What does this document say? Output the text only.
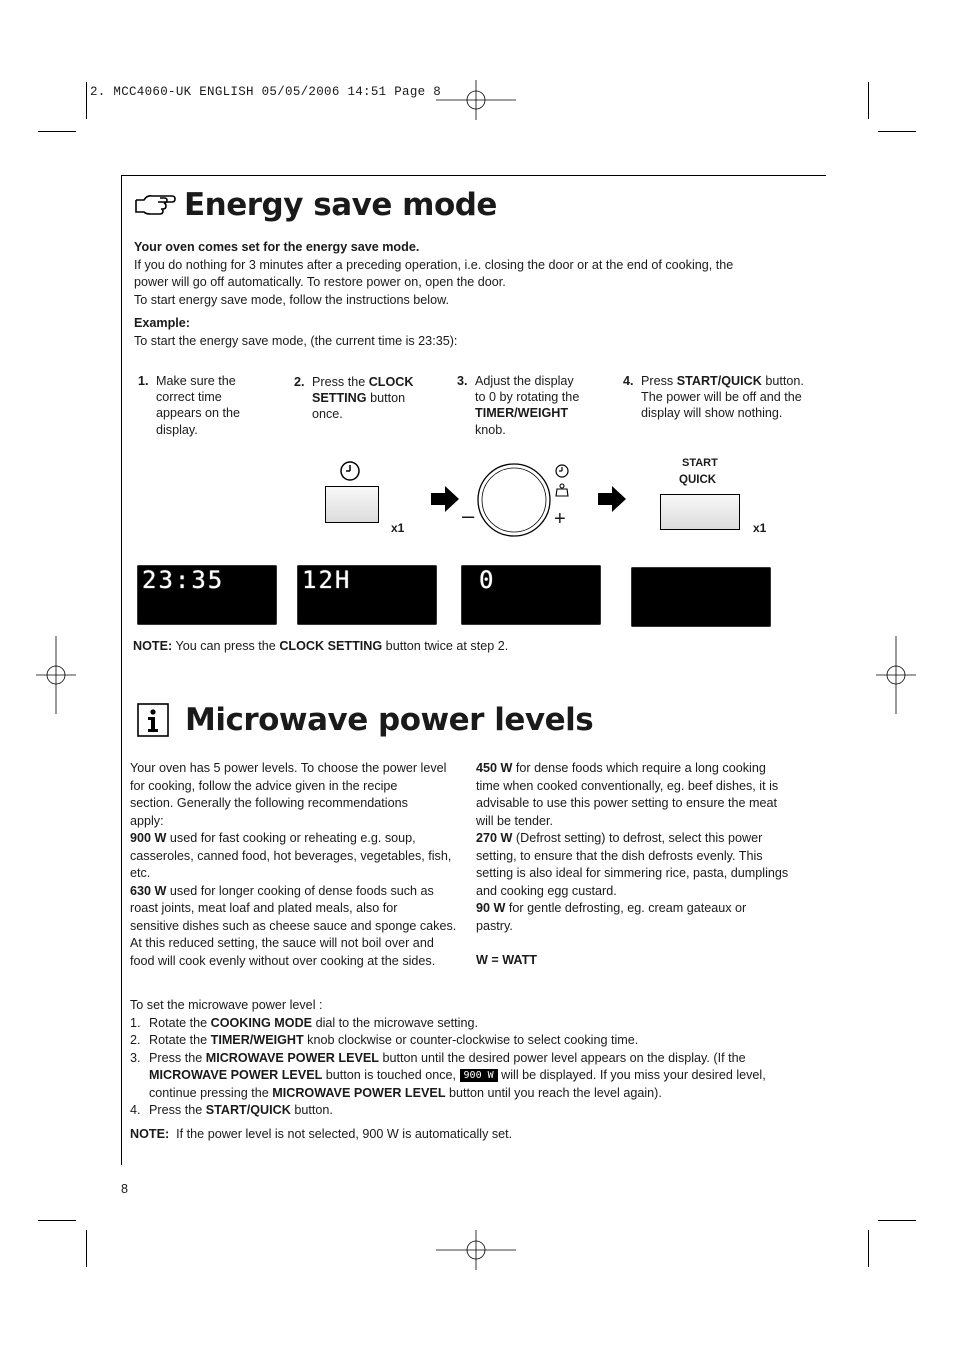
2. MCC4060-UK ENGLISH 05/05/2006 14:51 Page 8
Energy save mode
Your oven comes set for the energy save mode.
If you do nothing for 3 minutes after a preceding operation, i.e. closing the door or at the end of cooking, the
power will go off automatically. To restore power on, open the door.
To start energy save mode, follow the instructions below.
Example:
To start the energy save mode, (the current time is 23:35):
1. Make sure the
correct time
appears on the
display.
2. Press the CLOCK
SETTING button
once.
3. Adjust the display
to 0 by rotating the
TIMER/WEIGHT
knob.
4. Press START/QUICK button.
The power will be off and the
display will show nothing.
x1	–	+
START
QUICK
x1
23:35	12H	0
NOTE: You can press the CLOCK SETTING button twice at step 2.
Microwave power levels
Your oven has 5 power levels. To choose the power level
for cooking, follow the advice given in the recipe
section. Generally the following recommendations
apply:
900 W used for fast cooking or reheating e.g. soup,
casseroles, canned food, hot beverages, vegetables, fish,
etc.
630 W used for longer cooking of dense foods such as
roast joints, meat loaf and plated meals, also for
sensitive dishes such as cheese sauce and sponge cakes.
At this reduced setting, the sauce will not boil over and
food will cook evenly without over cooking at the sides.
450 W for dense foods which require a long cooking
time when cooked conventionally, eg. beef dishes, it is
advisable to use this power setting to ensure the meat
will be tender.
270 W (Defrost setting) to defrost, select this power
setting, to ensure that the dish defrosts evenly. This
setting is also ideal for simmering rice, pasta, dumplings
and cooking egg custard.
90 W for gentle defrosting, eg. cream gateaux or
pastry.
W = WATT
To set the microwave power level :
1. Rotate the COOKING MODE dial to the microwave setting.
2. Rotate the TIMER/WEIGHT knob clockwise or counter-clockwise to select cooking time.
3. Press the MICROWAVE POWER LEVEL button until the desired power level appears on the display. (If the
MICROWAVE POWER LEVEL button is touched once, 900 W will be displayed. If you miss your desired level,
continue pressing the MICROWAVE POWER LEVEL button until you reach the level again).
4. Press the START/QUICK button.
NOTE:  If the power level is not selected, 900 W is automatically set.
8
